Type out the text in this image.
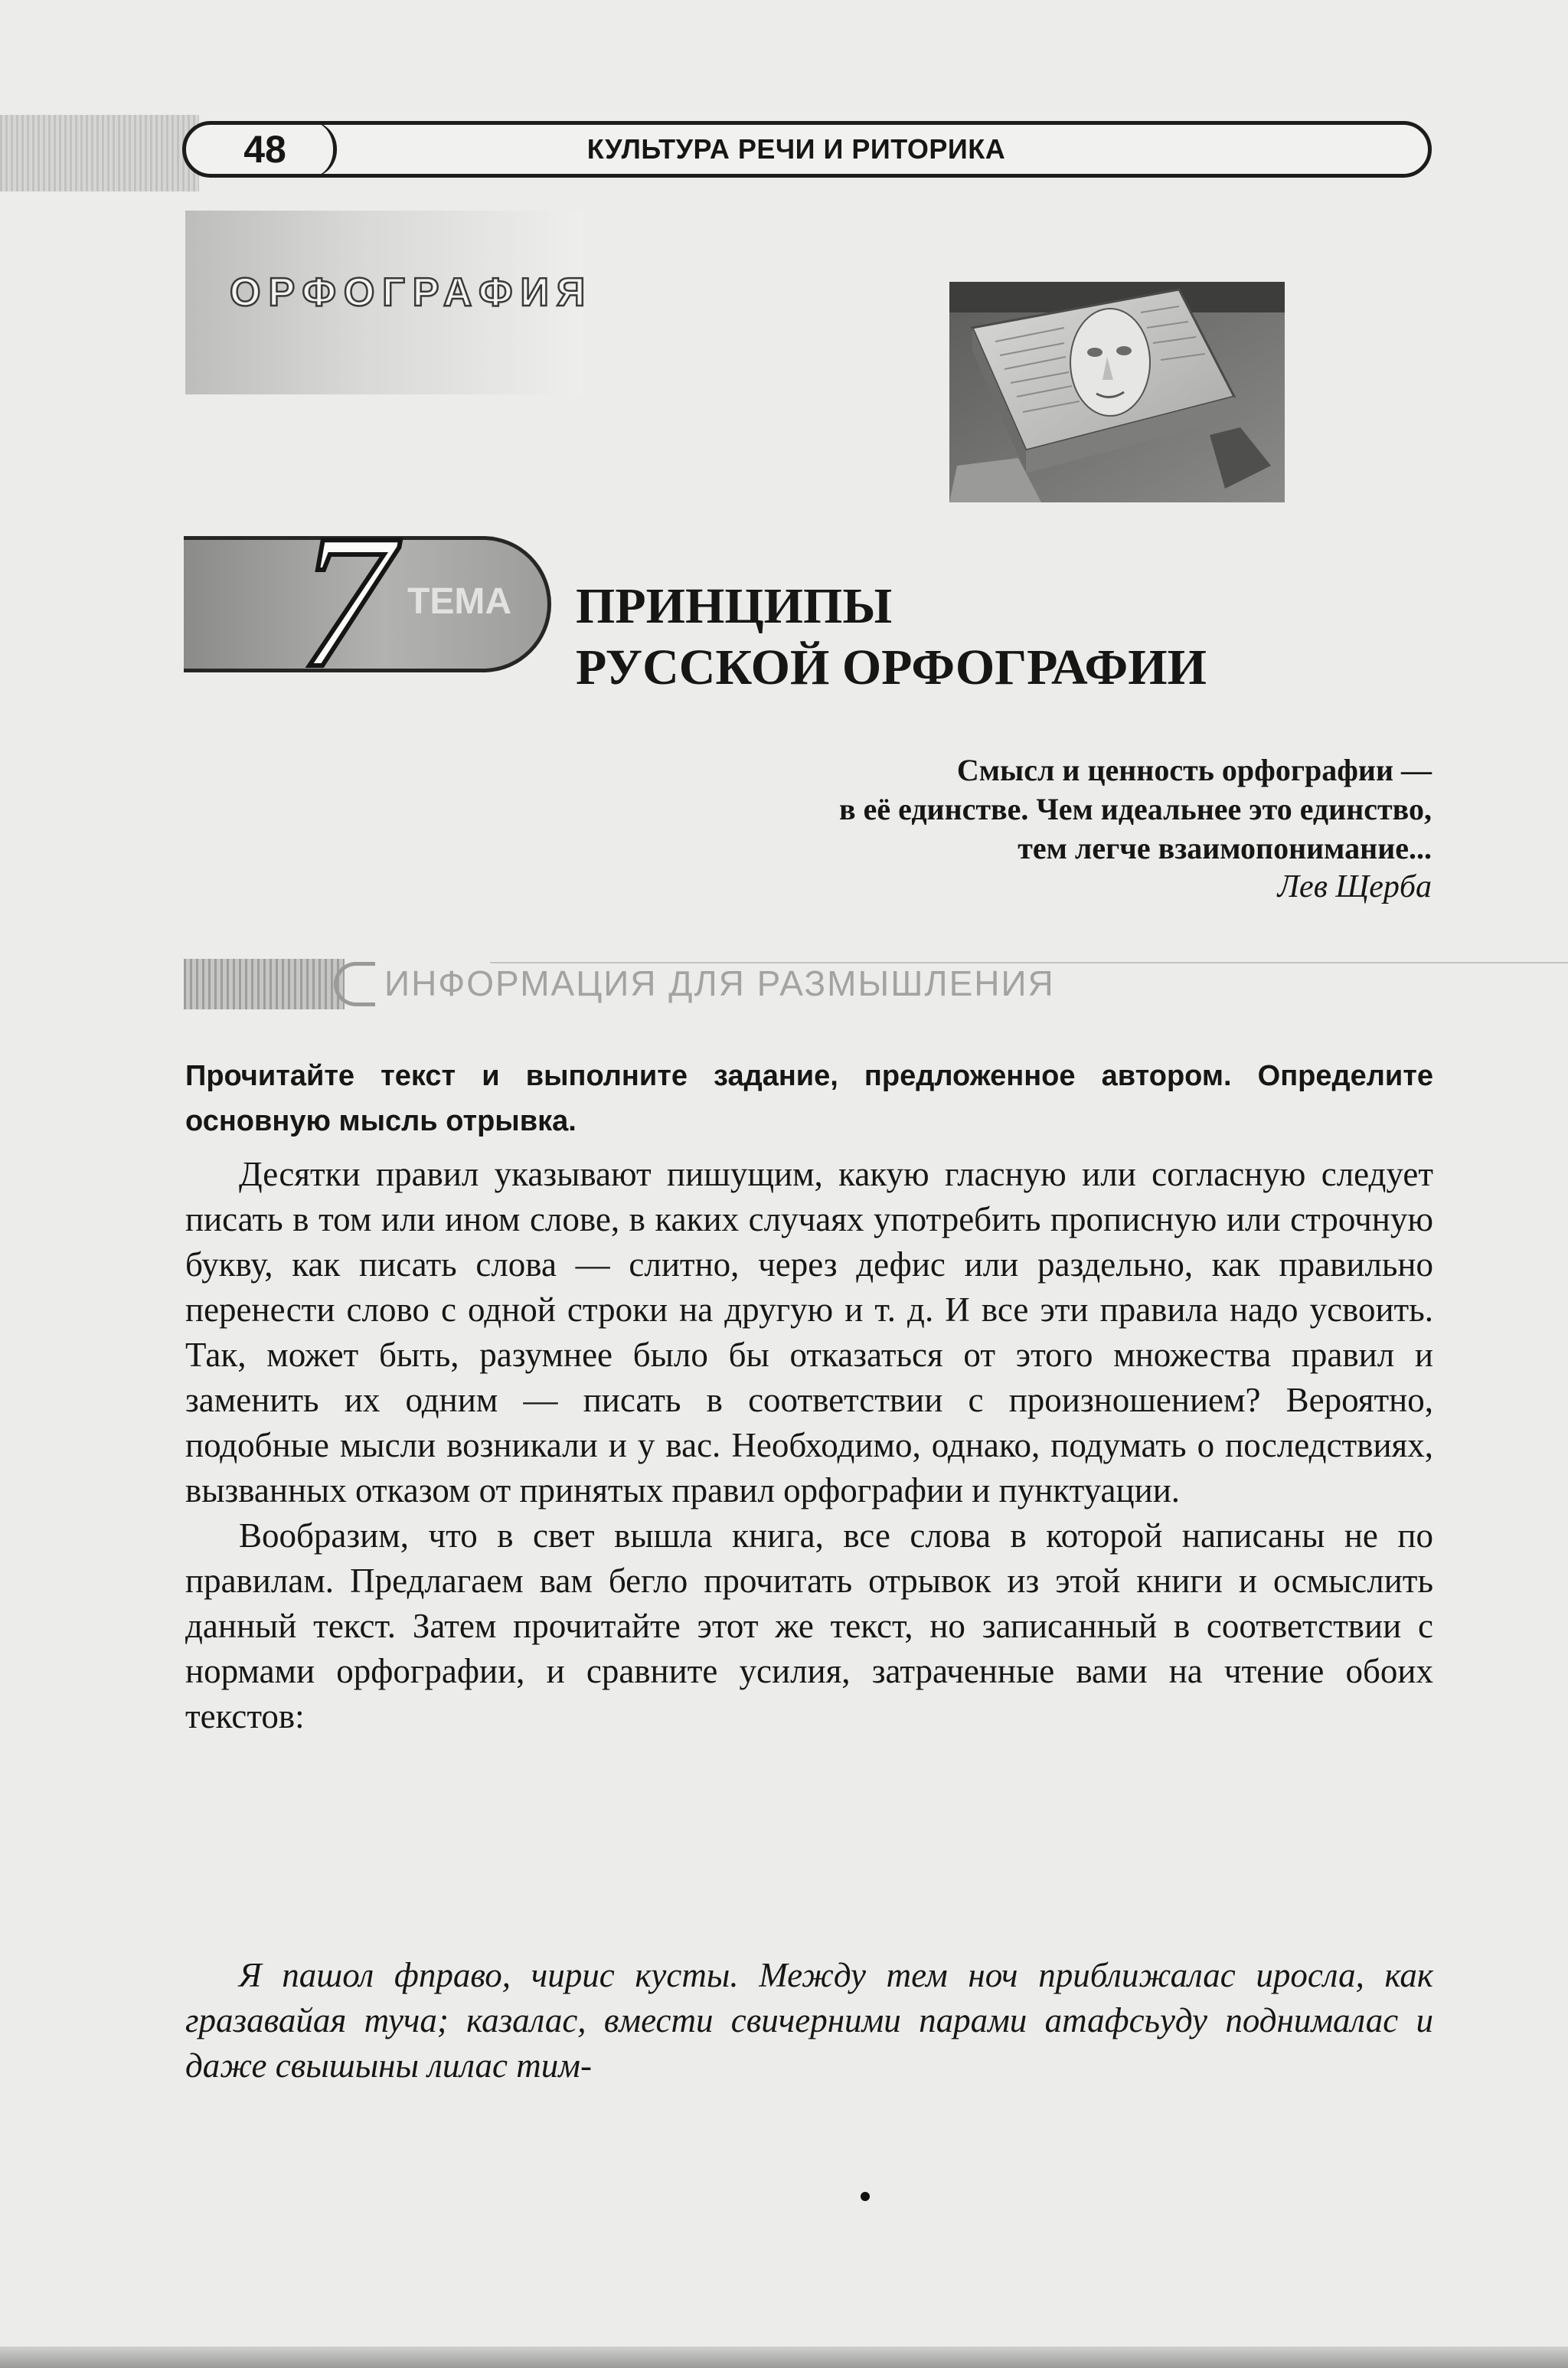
48	КУЛЬТУРА РЕЧИ И РИТОРИКА
ОРФОГРАФИЯ
7 ТЕМА	ПРИНЦИПЫ
РУССКОЙ ОРФОГРАФИИ
Смысл и ценность орфографии —
в её единстве. Чем идеальнее это единство,
тем легче взаимопонимание...
Лев Щерба
ИНФОРМАЦИЯ ДЛЯ РАЗМЫШЛЕНИЯ
Прочитайте текст и выполните задание, предложенное автором. Определите основную мысль отрывка.

Десятки правил указывают пишущим, какую гласную или согласную следует писать в том или ином слове, в каких случаях употребить прописную или строчную букву, как писать слова — слитно, через дефис или раздельно, как правильно перенести слово с одной строки на другую и т. д. И все эти правила надо усвоить. Так, может быть, разумнее было бы отказаться от этого множества правил и заменить их одним — писать в соответствии с произношением? Вероятно, подобные мысли возникали и у вас. Необходимо, однако, подумать о последствиях, вызванных отказом от принятых правил орфографии и пунктуации.

Вообразим, что в свет вышла книга, все слова в которой написаны не по правилам. Предлагаем вам бегло прочитать отрывок из этой книги и осмыслить данный текст. Затем прочитайте этот же текст, но записанный в соответствии с нормами орфографии, и сравните усилия, затраченные вами на чтение обоих текстов:

Я пашол фправо, чирис кусты. Между тем ноч приближалас иросла, как гразавайая туча; казалас, вмести свичерними парами атафсьуду поднималас и даже свышыны лилас тим-
